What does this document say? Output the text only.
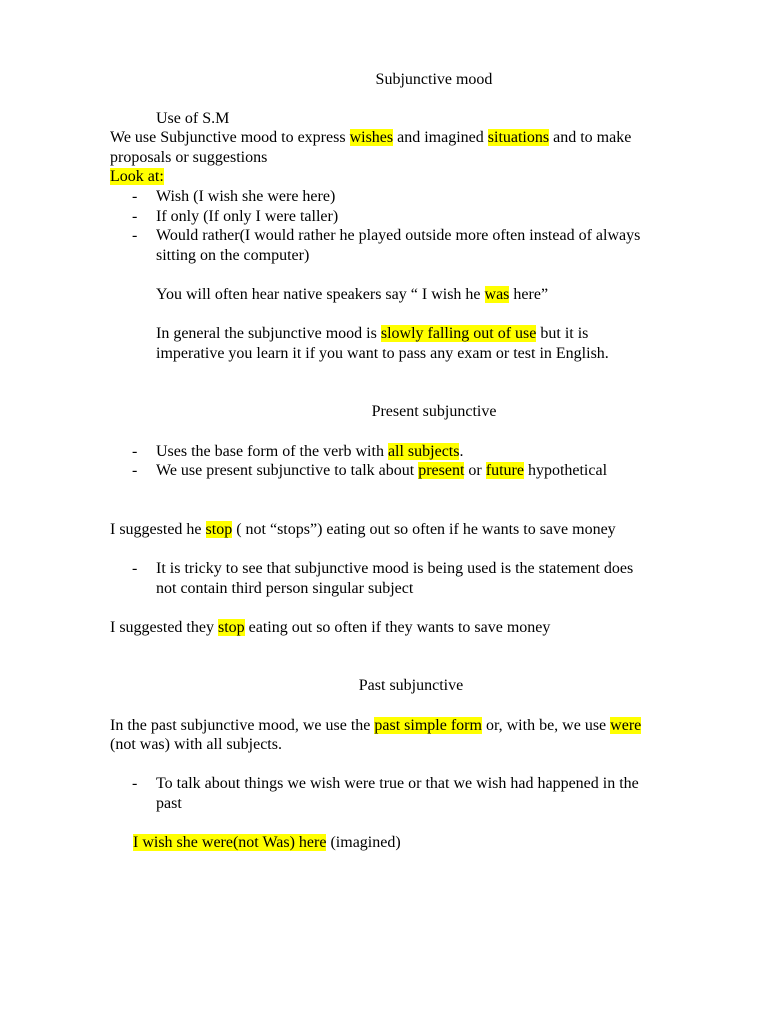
Subjunctive mood
Use of S.M
We use Subjunctive mood to express wishes and imagined situations and to make
proposals or suggestions
Look at:
- Wish (I wish she were here)
- If only (If only I were taller)
- Would rather(I would rather he played outside more often instead of always
sitting on the computer)
You will often hear native speakers say “ I wish he was here”
In general the subjunctive mood is slowly falling out of use but it is
imperative you learn it if you want to pass any exam or test in English.
Present subjunctive
- Uses the base form of the verb with all subjects.
- We use present subjunctive to talk about present or future hypothetical
I suggested he stop ( not “stops”) eating out so often if he wants to save money
- It is tricky to see that subjunctive mood is being used is the statement does
not contain third person singular subject
I suggested they stop eating out so often if they wants to save money
Past subjunctive
In the past subjunctive mood, we use the past simple form or, with be, we use were
(not was) with all subjects.
- To talk about things we wish were true or that we wish had happened in the
past
I wish she were(not Was) here (imagined)
